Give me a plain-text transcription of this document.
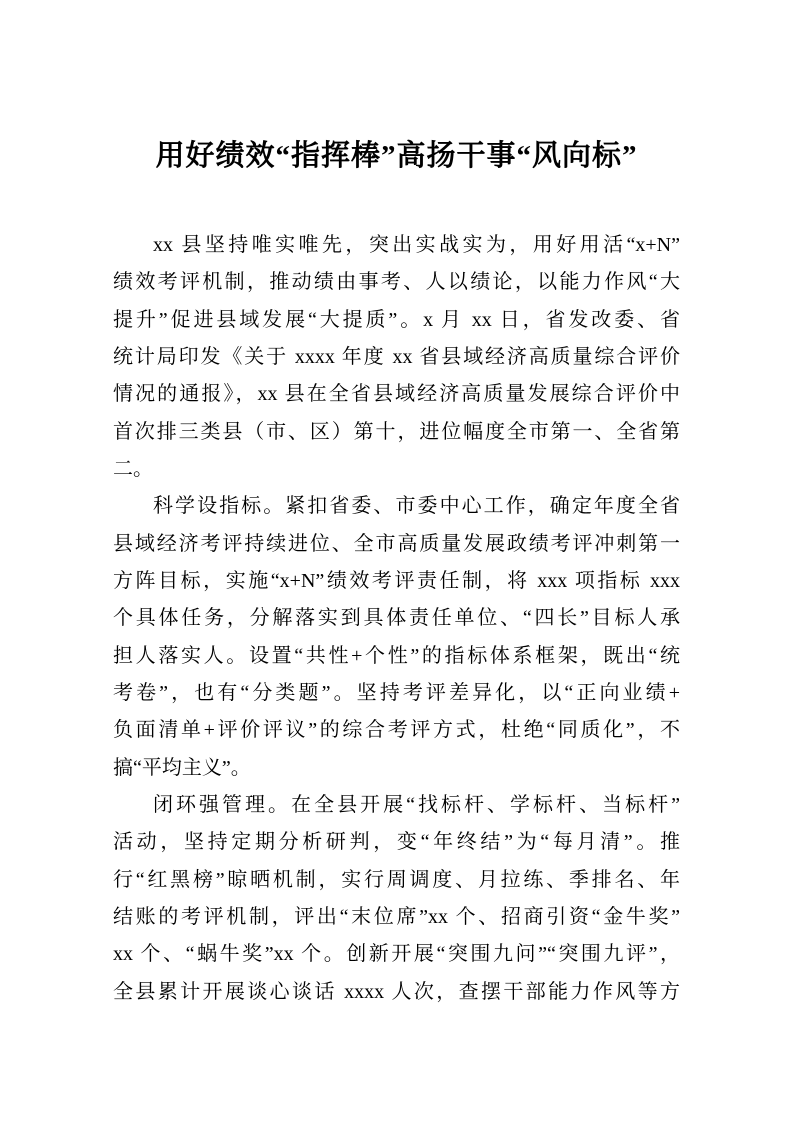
用好绩效“指挥棒”高扬干事“风向标”
xx 县坚持唯实唯先，突出实战实为，用好用活“x+N”
绩效考评机制，推动绩由事考、人以绩论，以能力作风“大
提升”促进县域发展“大提质”。x 月 xx 日，省发改委、省
统计局印发《关于 xxxx 年度 xx 省县域经济高质量综合评价
情况的通报》，xx 县在全省县域经济高质量发展综合评价中
首次排三类县（市、区）第十，进位幅度全市第一、全省第
二。
科学设指标。紧扣省委、市委中心工作，确定年度全省
县域经济考评持续进位、全市高质量发展政绩考评冲刺第一
方阵目标，实施“x+N”绩效考评责任制，将 xxx 项指标 xxx
个具体任务，分解落实到具体责任单位、“四长”目标人承
担人落实人。设置“共性+个性”的指标体系框架，既出“统
考卷”，也有“分类题”。坚持考评差异化，以“正向业绩+
负面清单+评价评议”的综合考评方式，杜绝“同质化”，不
搞“平均主义”。
闭环强管理。在全县开展“找标杆、学标杆、当标杆”
活动，坚持定期分析研判，变“年终结”为“每月清”。推
行“红黑榜”晾晒机制，实行周调度、月拉练、季排名、年
结账的考评机制，评出“末位席”xx 个、招商引资“金牛奖”
xx 个、“蜗牛奖”xx 个。创新开展“突围九问”“突围九评”，
全县累计开展谈心谈话 xxxx 人次，查摆干部能力作风等方
